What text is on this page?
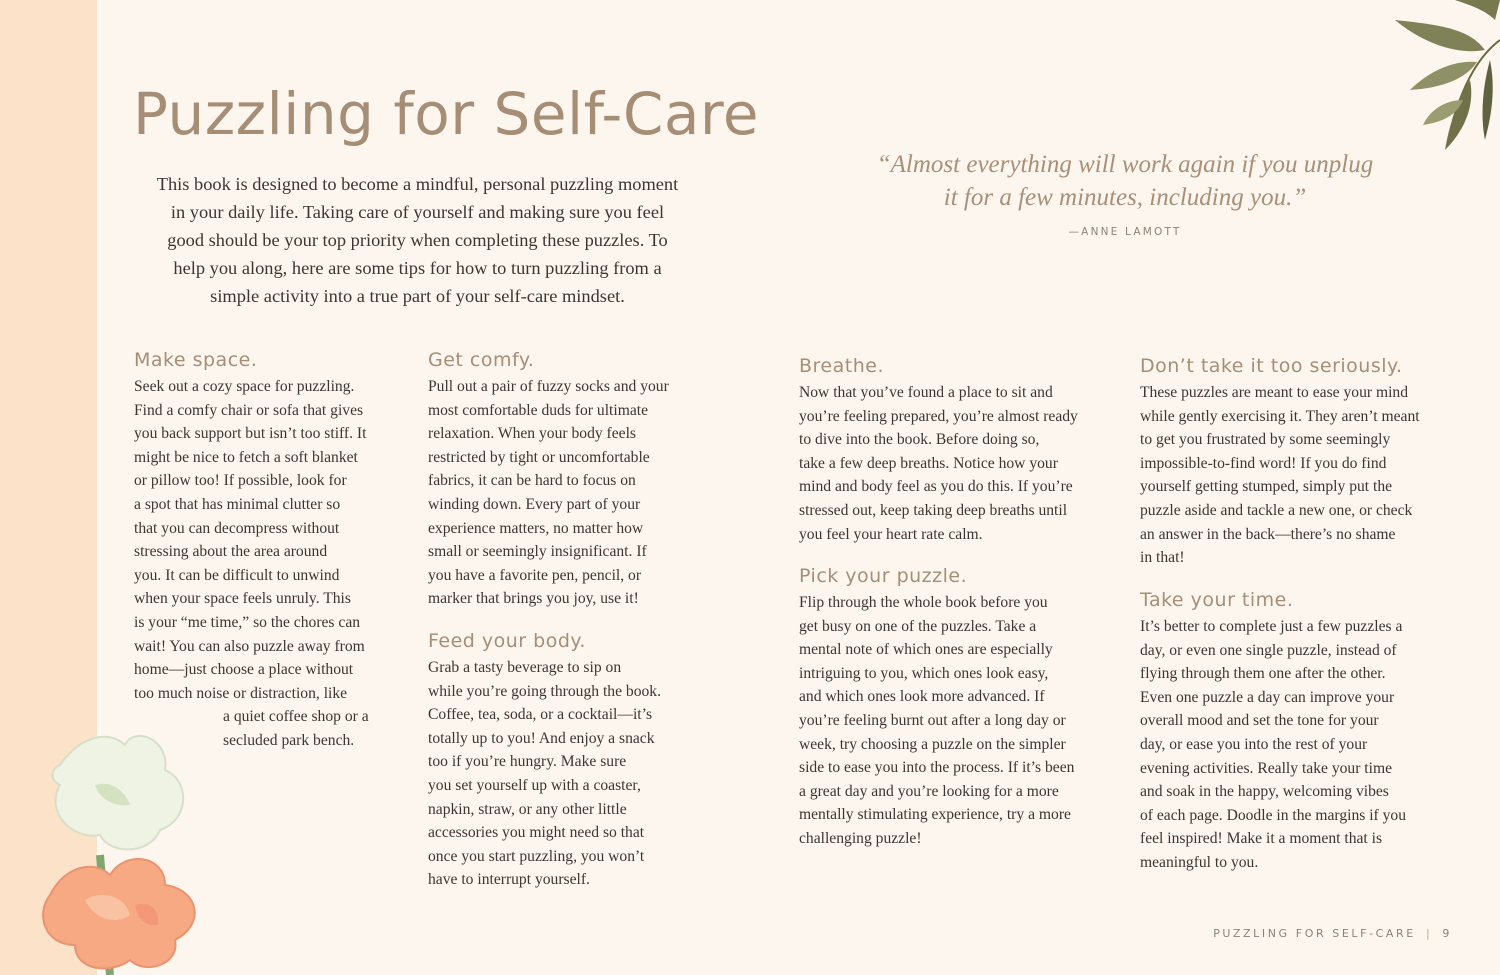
Puzzling for Self-Care
This book is designed to become a mindful, personal puzzling moment
in your daily life. Taking care of yourself and making sure you feel
good should be your top priority when completing these puzzles. To
help you along, here are some tips for how to turn puzzling from a
simple activity into a true part of your self-care mindset.
“Almost everything will work again if you unplug
it for a few minutes, including you.”
—ANNE LAMOTT
Make space.

Seek out a cozy space for puzzling.
Find a comfy chair or sofa that gives
you back support but isn’t too stiff. It
might be nice to fetch a soft blanket
or pillow too! If possible, look for
a spot that has minimal clutter so
that you can decompress without
stressing about the area around
you. It can be difficult to unwind
when your space feels unruly. This
is your “me time,” so the chores can
wait! You can also puzzle away from
home—just choose a place without
too much noise or distraction, like
a quiet coffee shop or a
secluded park bench.

Get comfy.

Pull out a pair of fuzzy socks and your
most comfortable duds for ultimate
relaxation. When your body feels
restricted by tight or uncomfortable
fabrics, it can be hard to focus on
winding down. Every part of your
experience matters, no matter how
small or seemingly insignificant. If
you have a favorite pen, pencil, or
marker that brings you joy, use it!

Feed your body.

Grab a tasty beverage to sip on
while you’re going through the book.
Coffee, tea, soda, or a cocktail—it’s
totally up to you! And enjoy a snack
too if you’re hungry. Make sure
you set yourself up with a coaster,
napkin, straw, or any other little
accessories you might need so that
once you start puzzling, you won’t
have to interrupt yourself.

Breathe.

Now that you’ve found a place to sit and
you’re feeling prepared, you’re almost ready
to dive into the book. Before doing so,
take a few deep breaths. Notice how your
mind and body feel as you do this. If you’re
stressed out, keep taking deep breaths until
you feel your heart rate calm.

Pick your puzzle.

Flip through the whole book before you
get busy on one of the puzzles. Take a
mental note of which ones are especially
intriguing to you, which ones look easy,
and which ones look more advanced. If
you’re feeling burnt out after a long day or
week, try choosing a puzzle on the simpler
side to ease you into the process. If it’s been
a great day and you’re looking for a more
mentally stimulating experience, try a more
challenging puzzle!

Don’t take it too seriously.

These puzzles are meant to ease your mind
while gently exercising it. They aren’t meant
to get you frustrated by some seemingly
impossible-to-find word! If you do find
yourself getting stumped, simply put the
puzzle aside and tackle a new one, or check
an answer in the back—there’s no shame
in that!

Take your time.

It’s better to complete just a few puzzles a
day, or even one single puzzle, instead of
flying through them one after the other.
Even one puzzle a day can improve your
overall mood and set the tone for your
day, or ease you into the rest of your
evening activities. Really take your time
and soak in the happy, welcoming vibes
of each page. Doodle in the margins if you
feel inspired! Make it a moment that is
meaningful to you.

PUZZLING FOR SELF-CARE | 9
